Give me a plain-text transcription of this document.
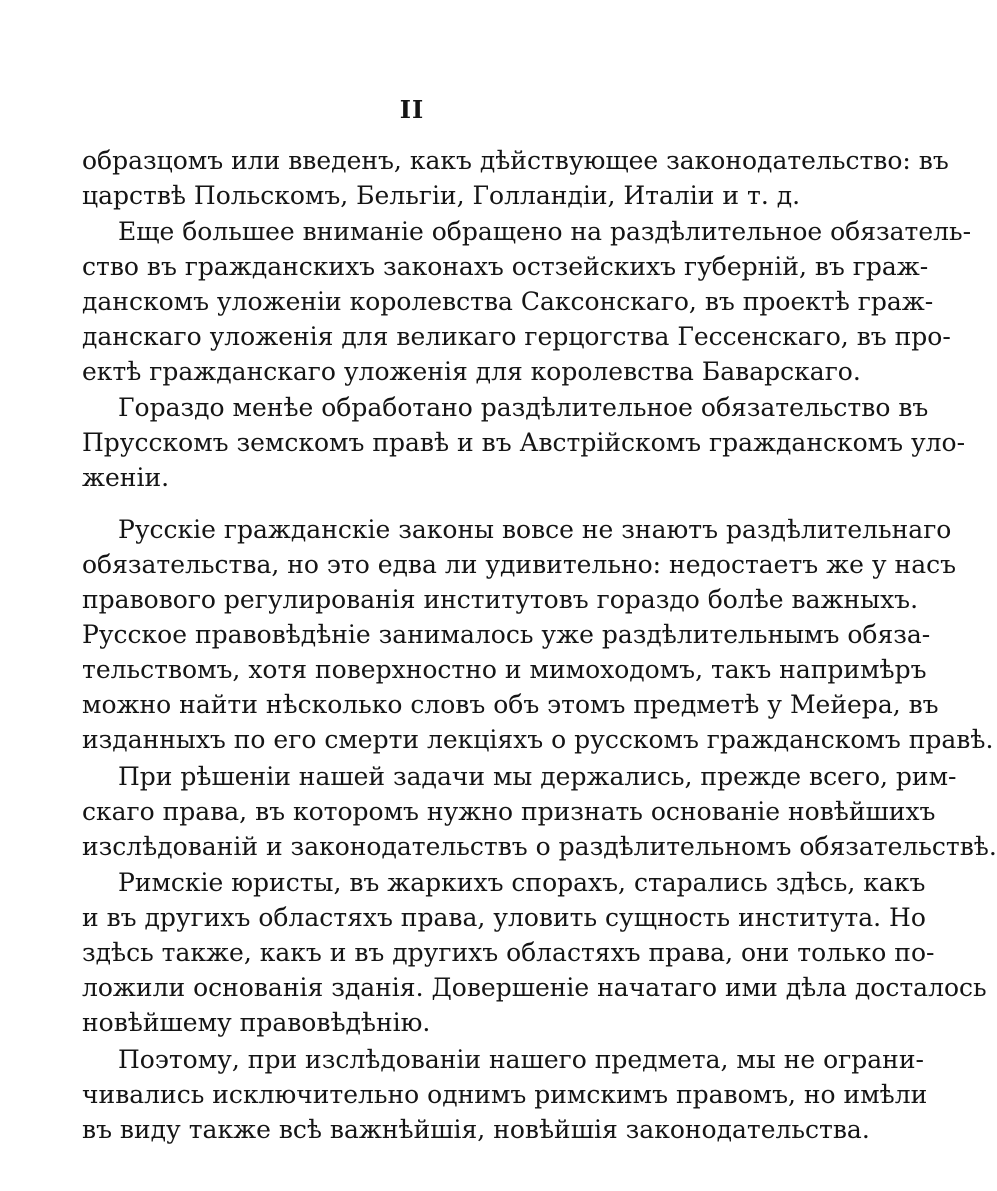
II
образцомъ или введенъ, какъ дѣйствующее законодательство: въ
царствѣ Польскомъ, Бельгіи, Голландіи, Италіи и т. д.
Еще большее вниманіе обращено на раздѣлительное обязатель-
ство въ гражданскихъ законахъ остзейскихъ губерній, въ граж-
данскомъ уложеніи королевства Саксонскаго, въ проектѣ граж-
данскаго уложенія для великаго герцогства Гессенскаго, въ про-
ектѣ гражданскаго уложенія для королевства Баварскаго.
Гораздо менѣе обработано раздѣлительное обязательство въ
Прусскомъ земскомъ правѣ и въ Австрійскомъ гражданскомъ уло-
женіи.
Русскіе гражданскіе законы вовсе не знаютъ раздѣлительнаго
обязательства, но это едва ли удивительно: недостаетъ же у насъ
правового регулированія институтовъ гораздо болѣе важныхъ.
Русское правовѣдѣніе занималось уже раздѣлительнымъ обяза-
тельствомъ, хотя поверхностно и мимоходомъ, такъ напримѣръ
можно найти нѣсколько словъ объ этомъ предметѣ у Мейера, въ
изданныхъ по его смерти лекціяхъ о русскомъ гражданскомъ правѣ.
При рѣшеніи нашей задачи мы держались, прежде всего, рим-
скаго права, въ которомъ нужно признать основаніе новѣйшихъ
изслѣдованій и законодательствъ о раздѣлительномъ обязательствѣ.
Римскіе юристы, въ жаркихъ спорахъ, старались здѣсь, какъ
и въ другихъ областяхъ права, уловить сущность института. Но
здѣсь также, какъ и въ другихъ областяхъ права, они только по-
ложили основанія зданія. Довершеніе начатаго ими дѣла досталось
новѣйшему правовѣдѣнію.
Поэтому, при изслѣдованіи нашего предмета, мы не ограни-
чивались исключительно однимъ римскимъ правомъ, но имѣли
въ виду также всѣ важнѣйшія, новѣйшія законодательства.
